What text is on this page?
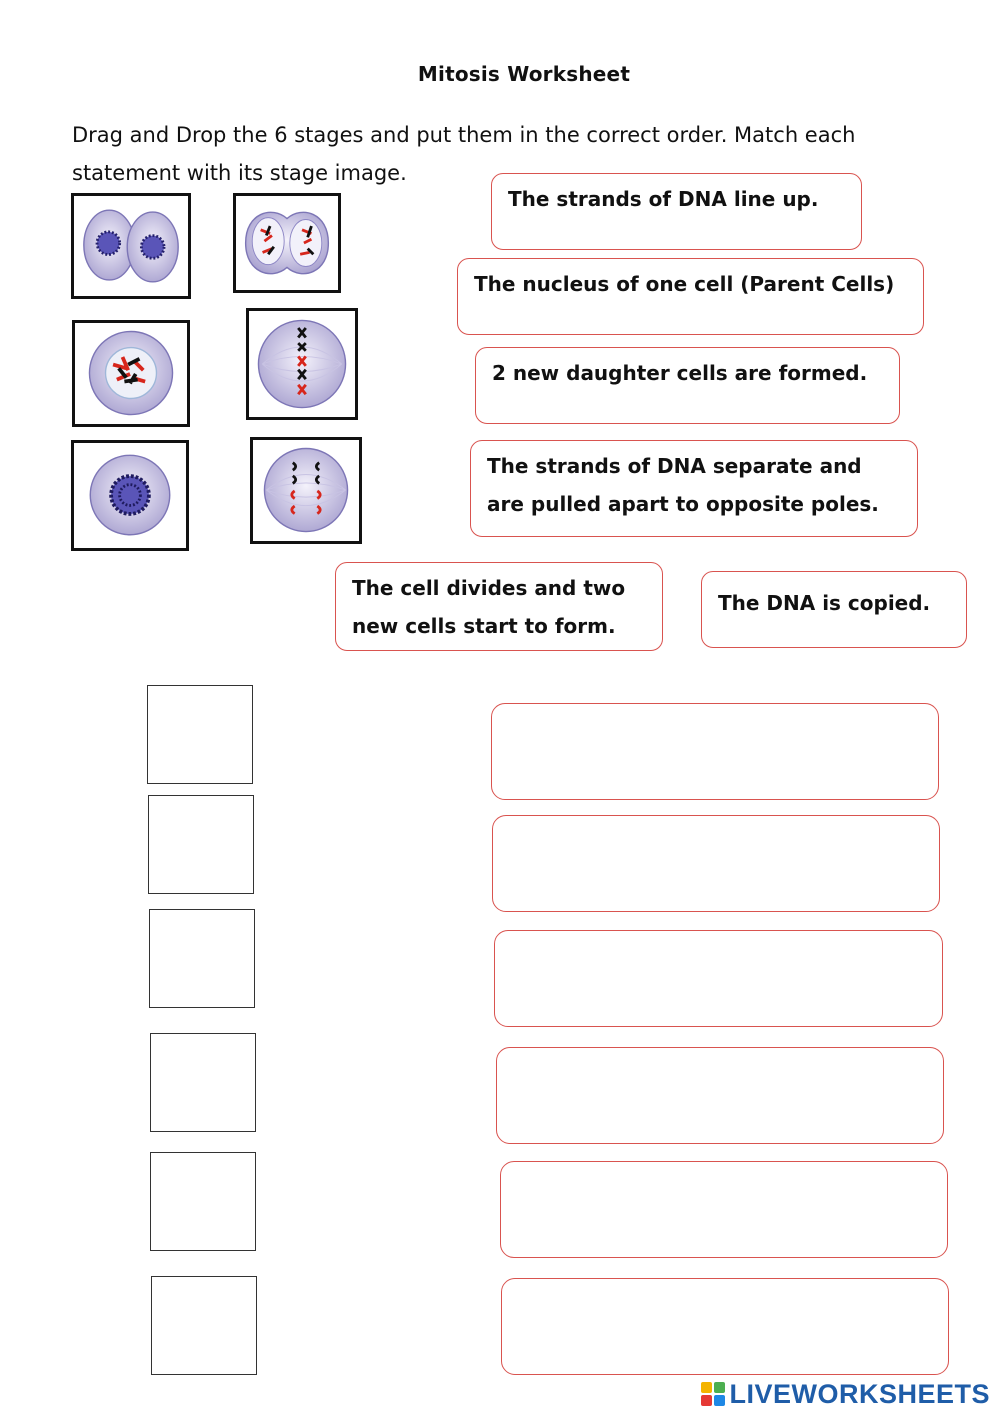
Mitosis Worksheet
Drag and Drop the 6 stages and put them in the correct order. Match each statement with its stage image.
The strands of DNA line up.
The nucleus of one cell (Parent Cells)
2 new daughter cells are formed.
The strands of DNA separate and are pulled apart to opposite poles.
The cell divides and two new cells start to form.
The DNA is copied.
LIVEWORKSHEETS
